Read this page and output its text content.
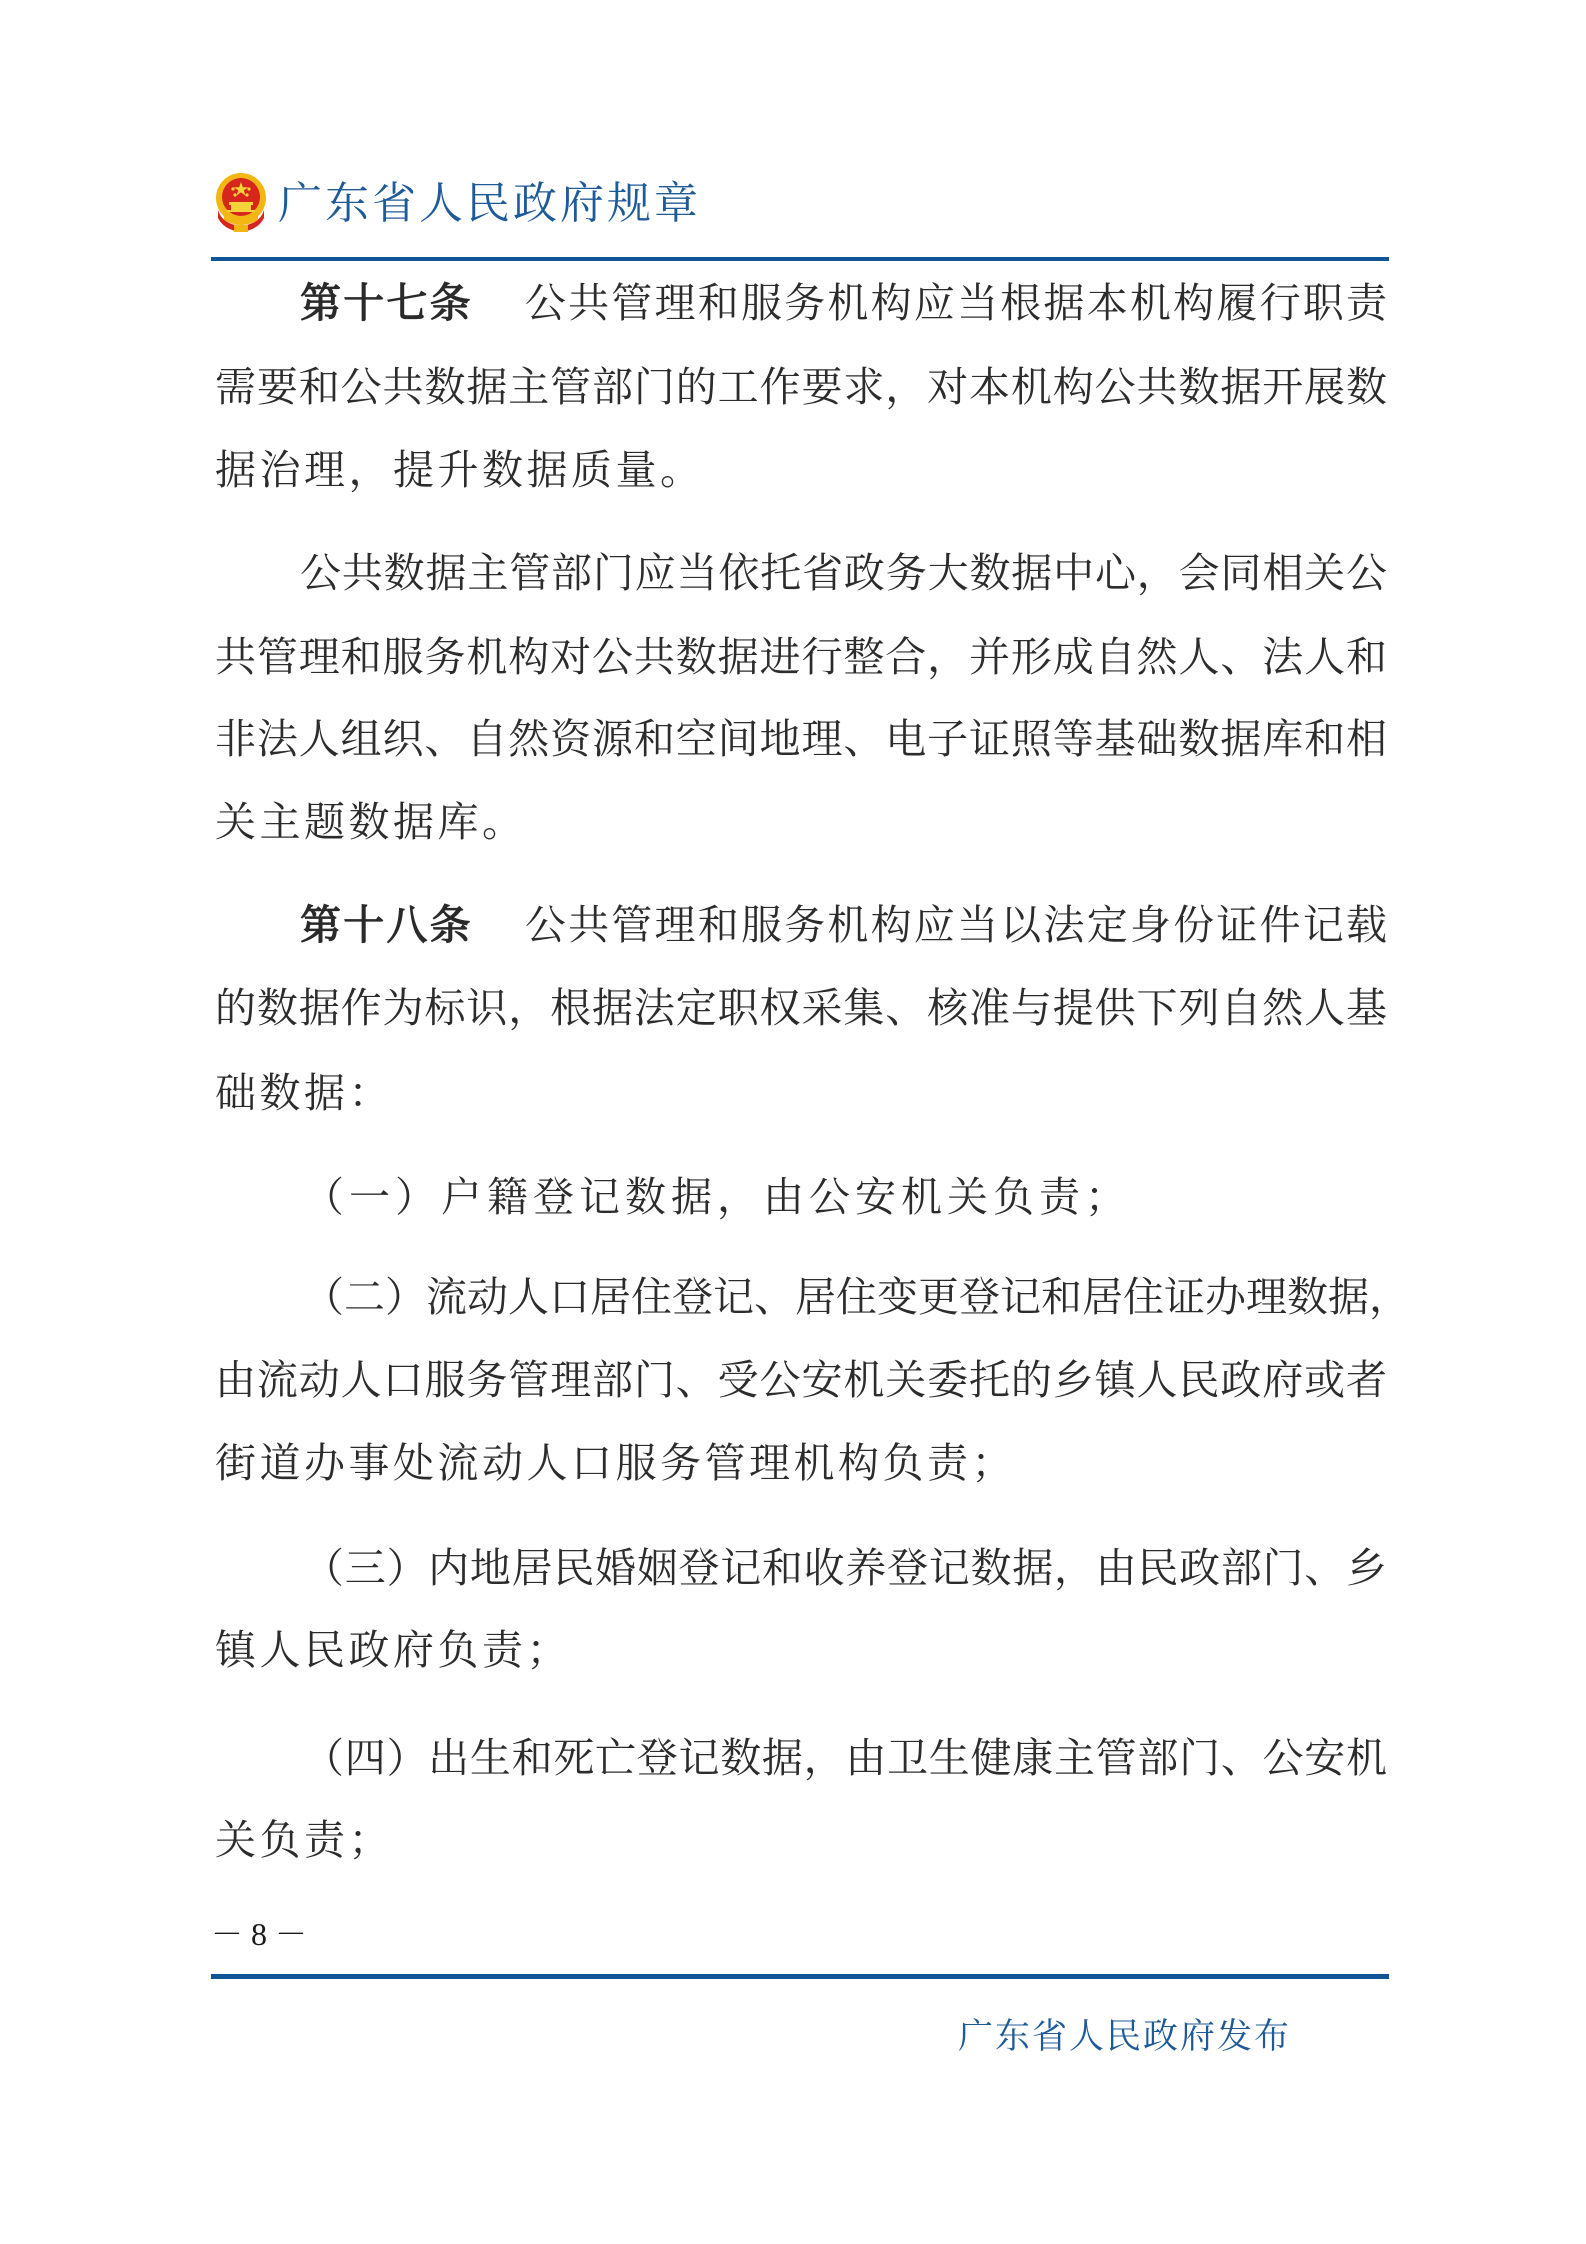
广东省人民政府规章
第十七条 公共管理和服务机构应当根据本机构履行职责
需要和公共数据主管部门的工作要求，对本机构公共数据开展数
据治理，提升数据质量。
公共数据主管部门应当依托省政务大数据中心，会同相关公
共管理和服务机构对公共数据进行整合，并形成自然人、法人和
非法人组织、自然资源和空间地理、电子证照等基础数据库和相
关主题数据库。
第十八条 公共管理和服务机构应当以法定身份证件记载
的数据作为标识，根据法定职权采集、核准与提供下列自然人基
础数据：
（一）户籍登记数据，由公安机关负责；
（二）流动人口居住登记、居住变更登记和居住证办理数据，
由流动人口服务管理部门、受公安机关委托的乡镇人民政府或者
街道办事处流动人口服务管理机构负责；
（三）内地居民婚姻登记和收养登记数据，由民政部门、乡
镇人民政府负责；
（四）出生和死亡登记数据，由卫生健康主管部门、公安机
关负责；
－ 8 －
广东省人民政府发布
